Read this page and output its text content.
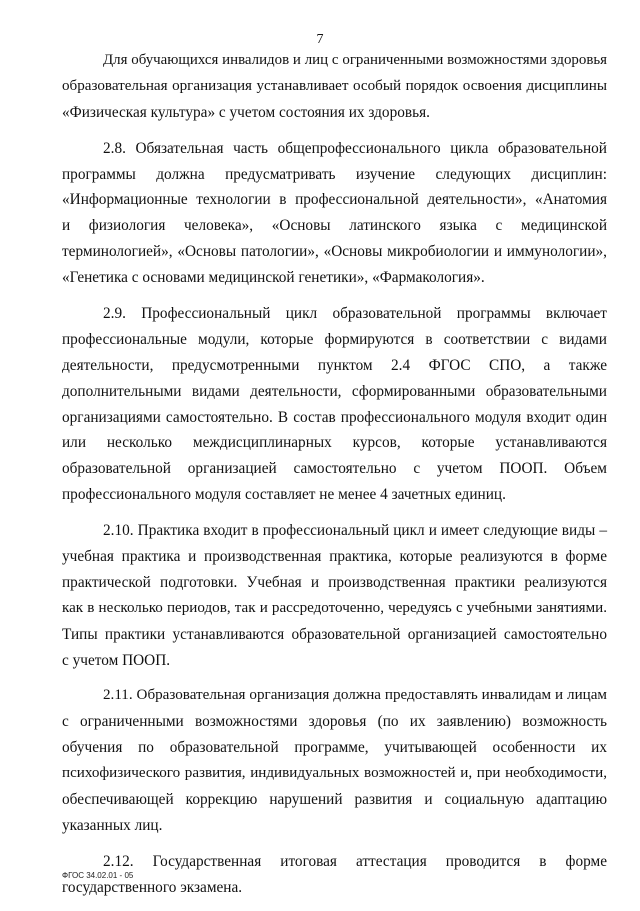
7
Для обучающихся инвалидов и лиц с ограниченными возможностями здоровья
образовательная организация устанавливает особый порядок освоения дисциплины
«Физическая культура» с учетом состояния их здоровья.
2.8. Обязательная часть общепрофессионального цикла образовательной
программы должна предусматривать изучение следующих дисциплин:
«Информационные технологии в профессиональной деятельности», «Анатомия
и физиология человека», «Основы латинского языка с медицинской
терминологией», «Основы патологии», «Основы микробиологии и иммунологии»,
«Генетика с основами медицинской генетики», «Фармакология».
2.9. Профессиональный цикл образовательной программы включает
профессиональные модули, которые формируются в соответствии с видами
деятельности, предусмотренными пунктом 2.4 ФГОС СПО, а также
дополнительными видами деятельности, сформированными образовательными
организациями самостоятельно. В состав профессионального модуля входит один
или несколько междисциплинарных курсов, которые устанавливаются
образовательной организацией самостоятельно с учетом ПООП. Объем
профессионального модуля составляет не менее 4 зачетных единиц.
2.10. Практика входит в профессиональный цикл и имеет следующие виды –
учебная практика и производственная практика, которые реализуются в форме
практической подготовки. Учебная и производственная практики реализуются
как в несколько периодов, так и рассредоточенно, чередуясь с учебными занятиями.
Типы практики устанавливаются образовательной организацией самостоятельно
с учетом ПООП.
2.11. Образовательная организация должна предоставлять инвалидам и лицам
с ограниченными возможностями здоровья (по их заявлению) возможность
обучения по образовательной программе, учитывающей особенности их
психофизического развития, индивидуальных возможностей и, при необходимости,
обеспечивающей коррекцию нарушений развития и социальную адаптацию
указанных лиц.
2.12. Государственная итоговая аттестация проводится в форме
государственного экзамена.
ФГОС 34.02.01 - 05
